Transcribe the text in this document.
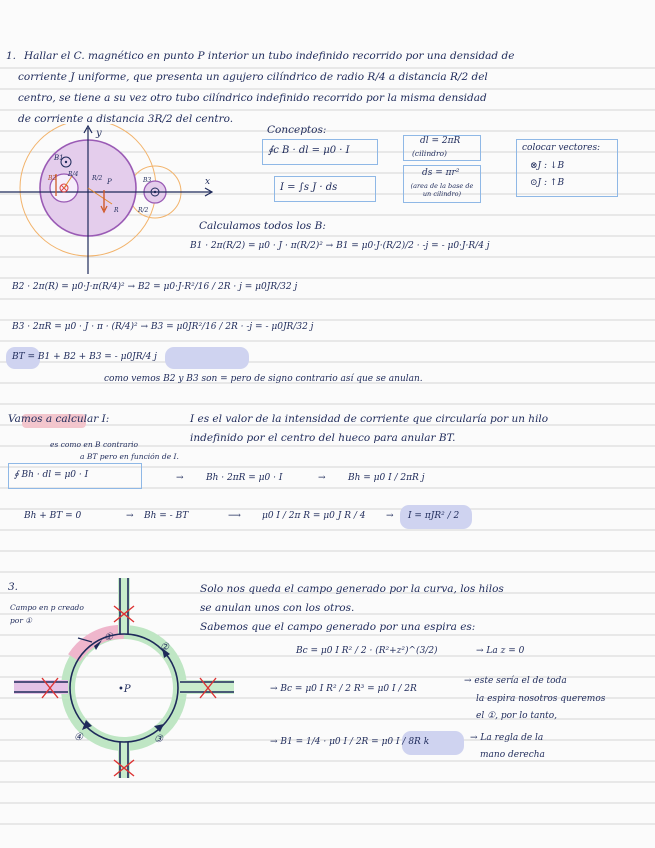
1. Hallar el C. magnético en punto P interior un tubo indefinido recorrido por una densidad de
corriente J uniforme, que presenta un agujero cilíndrico de radio R/4 a distancia R/2 del
centro, se tiene a su vez otro tubo cilíndrico indefinido recorrido por la misma densidad
de corriente a distancia 3R/2 del centro.
y
x
B1
B2	B3
R/2
R/4
P
R	R/2
Conceptos:
∮c B · dl = μ0 · I
I = ∫s J · ds
dl = 2πR
(cilindro)
ds = πr²
(area de la base de un cilindro)
colocar vectores:
⊗J : ↓B
⊙J : ↑B
Calculamos todos los B:
B1 · 2π(R/2) = μ0 · J · π(R/2)² → B1 = μ0·J·(R/2)/2 · -j = - μ0·J·R/4 j
B2 · 2π(R) = μ0·J·π(R/4)² → B2 = μ0·J·R²/16 / 2R · j = μ0JR/32 j
B3 · 2πR = μ0 · J · π · (R/4)² → B3 = μ0JR²/16 / 2R · -j = - μ0JR/32 j
BT = B1 + B2 + B3 = - μ0JR/4 j
como vemos B2 y B3 son = pero de signo contrario así que se anulan.
Vamos a calcular I:	I es el valor de la intensidad de corriente que circularía por un hilo
indefinido por el centro del hueco para anular BT.
es como en B contrario
a BT pero en función de I.
∮ Bh · dl = μ0 · I	→ Bh · 2πR = μ0 · I	→ Bh = μ0 I / 2πR j
Bh + BT = 0	→ Bh = - BT	⟶ μ0 I / 2π R = μ0 J R / 4 → I = πJR² / 2
3.
Campo en p creado
por ①
①
②
③
④
•P
Solo nos queda el campo generado por la curva, los hilos
se anulan unos con los otros.
Sabemos que el campo generado por una espira es:
Bc = μ0 I R² / 2 · (R²+z²)^(3/2)	→ La z = 0
→ Bc = μ0 I R² / 2 R³ = μ0 I / 2R
→ este sería el de toda
la espira nosotros queremos
el ①, por lo tanto,
→ B1 = 1/4 · μ0 I / 2R = μ0 I / 8R k	→ La regla de la
mano derecha
